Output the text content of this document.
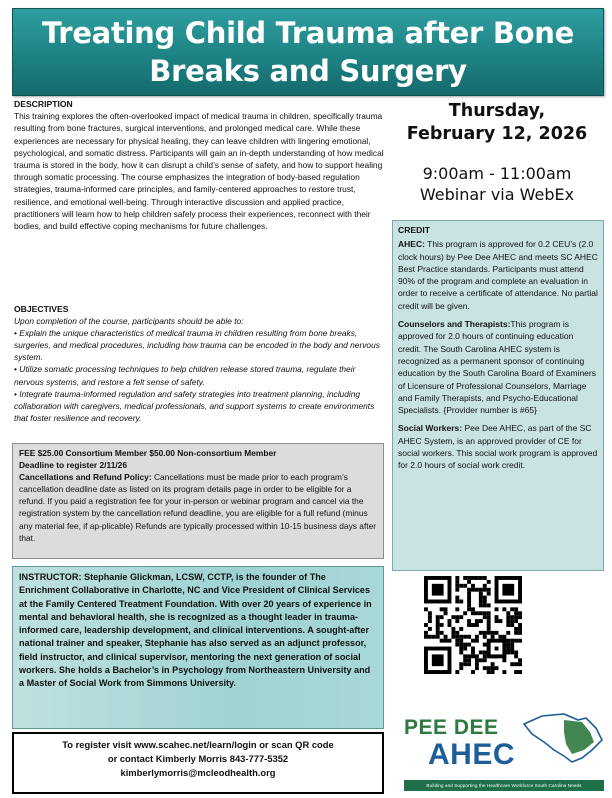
Treating Child Trauma after Bone
Breaks and Surgery
DESCRIPTION

This training explores the often-overlooked impact of medical trauma in children, specifically trauma resulting from bone fractures, surgical interventions, and prolonged medical care. While these experiences are necessary for physical healing, they can leave children with lingering emotional, psychological, and somatic distress. Participants will gain an in-depth understanding of how medical trauma is stored in the body, how it can disrupt a child’s sense of safety, and how to support healing through somatic processing. The course emphasizes the integration of body-based regulation strategies, trauma-informed care principles, and family-centered approaches to restore trust, resilience, and emotional well-being. Through interactive discussion and applied practice, practitioners will learn how to help children safely process their experiences, reconnect with their bodies, and build effective coping mechanisms for future challenges.

OBJECTIVES

Upon completion of the course, participants should be able to:

• Explain the unique characteristics of medical trauma in children resulting from bone breaks, surgeries, and medical procedures, including how trauma can be encoded in the body and nervous system.
• Utilize somatic processing techniques to help children release stored trauma, regulate their nervous systems, and restore a felt sense of safety.
• Integrate trauma-informed regulation and safety strategies into treatment planning, including collaboration with caregivers, medical professionals, and support systems to create environments that foster resilience and recovery.

FEE $25.00 Consortium Member $50.00 Non-consortium Member

Deadline to register 2/11/26

Cancellations and Refund Policy: Cancellations must be made prior to each program’s cancellation deadline date as listed on its program details page in order to be eligible for a refund. If you paid a registration fee for your in-person or webinar program and cancel via the registration system by the cancellation refund deadline, you are eligible for a full refund (minus any material fee, if ap-plicable) Refunds are typically processed within 10-15 business days after that.

INSTRUCTOR: Stephanie Glickman, LCSW, CCTP, is the founder of The Enrichment Collaborative in Charlotte, NC and Vice President of Clinical Services at the Family Centered Treatment Foundation. With over 20 years of experience in mental and behavioral health, she is recognized as a thought leader in trauma-informed care, leadership development, and clinical interventions. A sought-after national trainer and speaker, Stephanie has also served as an adjunct professor, field instructor, and clinical supervisor, mentoring the next generation of social workers. She holds a Bachelor’s in Psychology from Northeastern University and a Master of Social Work from Simmons University.

To register visit www.scahec.net/learn/login or scan QR code
or contact Kimberly Morris 843-777-5352
kimberlymorris@mcleodhealth.org
Thursday,
February 12, 2026
9:00am - 11:00am
Webinar via WebEx
CREDIT

AHEC: This program is approved for 0.2 CEU’s (2.0 clock hours) by Pee Dee AHEC and meets SC AHEC Best Practice standards. Participants must attend 90% of the program and complete an evaluation in order to receive a certificate of attendance. No partial credit will be given.

Counselors and Therapists:This program is approved for 2.0 hours of continuing education credit. The South Carolina AHEC system is recognized as a permanent sponsor of continuing education by the South Carolina Board of Examiners of Licensure of Professional Counselors, Marriage and Family Therapists, and Psycho-Educational Specialists. {Provider number is #65}

Social Workers: Pee Dee AHEC, as part of the SC AHEC System, is an approved provider of CE for social workers. This social work program is approved for 2.0 hours of social work credit.

PEE DEE
AHEC
Building and Supporting the Healthcare Workforce South Carolina Needs
